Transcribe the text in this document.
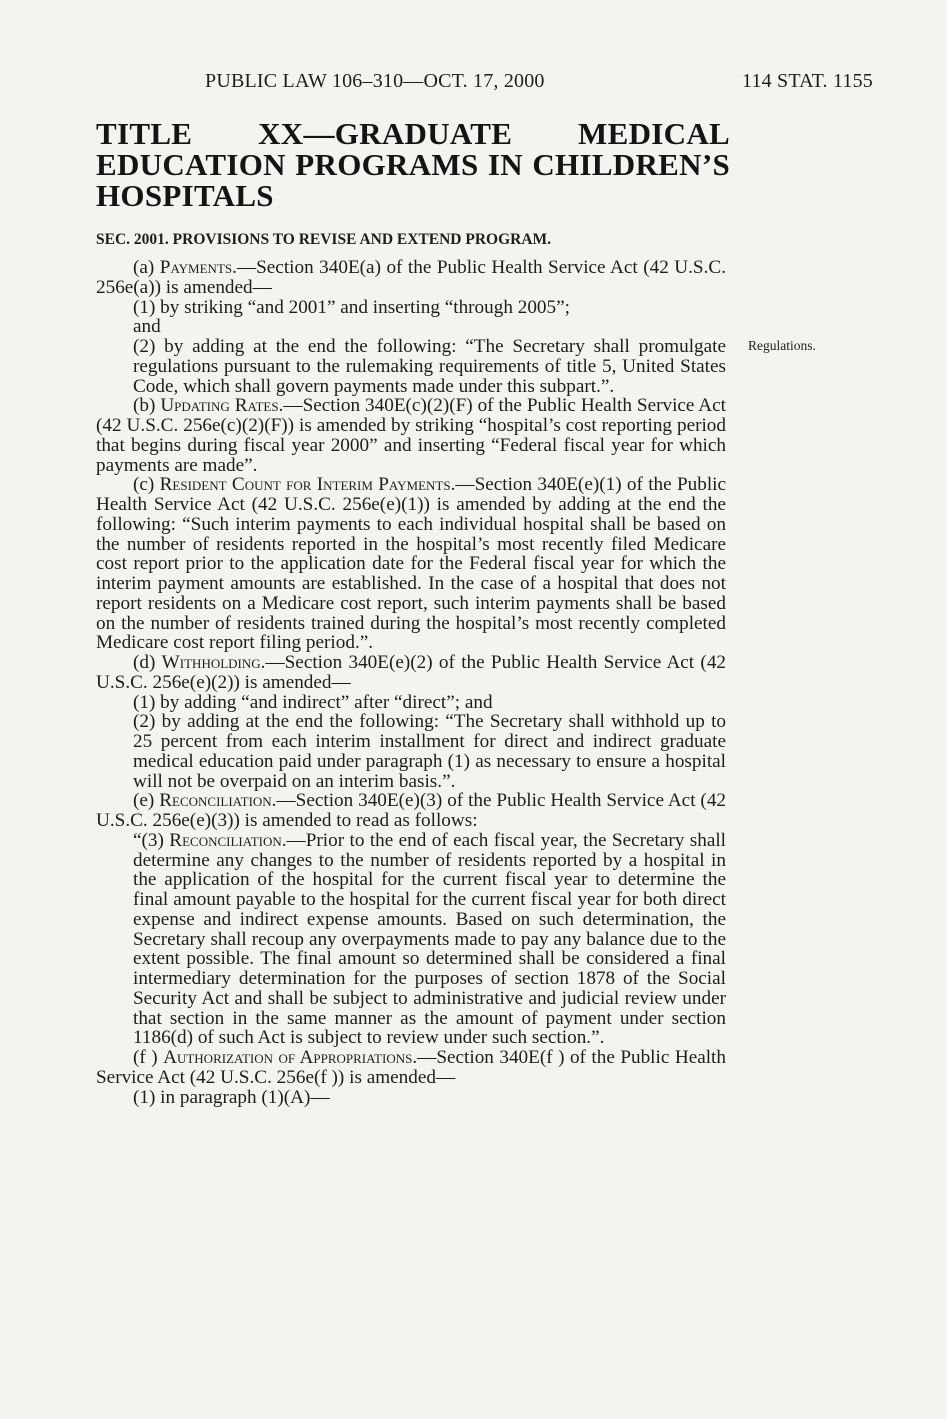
PUBLIC LAW 106–310—OCT. 17, 2000	114 STAT. 1155
TITLE XX—GRADUATE MEDICAL EDUCATION PROGRAMS IN CHILDREN’S HOSPITALS
SEC. 2001. PROVISIONS TO REVISE AND EXTEND PROGRAM.
Regulations.

(a) Payments.—Section 340E(a) of the Public Health Service Act (42 U.S.C. 256e(a)) is amended—

(1) by striking “and 2001” and inserting “through 2005”;

and

(2) by adding at the end the following: “The Secretary shall promulgate regulations pursuant to the rulemaking requirements of title 5, United States Code, which shall govern payments made under this subpart.”.

(b) Updating Rates.—Section 340E(c)(2)(F) of the Public Health Service Act (42 U.S.C. 256e(c)(2)(F)) is amended by striking “hospital’s cost reporting period that begins during fiscal year 2000” and inserting “Federal fiscal year for which payments are made”.

(c) Resident Count for Interim Payments.—Section 340E(e)(1) of the Public Health Service Act (42 U.S.C. 256e(e)(1)) is amended by adding at the end the following: “Such interim payments to each individual hospital shall be based on the number of residents reported in the hospital’s most recently filed Medicare cost report prior to the application date for the Federal fiscal year for which the interim payment amounts are established. In the case of a hospital that does not report residents on a Medicare cost report, such interim payments shall be based on the number of residents trained during the hospital’s most recently completed Medicare cost report filing period.”.

(d) Withholding.—Section 340E(e)(2) of the Public Health Service Act (42 U.S.C. 256e(e)(2)) is amended—

(1) by adding “and indirect” after “direct”; and

(2) by adding at the end the following: “The Secretary shall withhold up to 25 percent from each interim installment for direct and indirect graduate medical education paid under paragraph (1) as necessary to ensure a hospital will not be overpaid on an interim basis.”.

(e) Reconciliation.—Section 340E(e)(3) of the Public Health Service Act (42 U.S.C. 256e(e)(3)) is amended to read as follows:

“(3) Reconciliation.—Prior to the end of each fiscal year, the Secretary shall determine any changes to the number of residents reported by a hospital in the application of the hospital for the current fiscal year to determine the final amount payable to the hospital for the current fiscal year for both direct expense and indirect expense amounts. Based on such determination, the Secretary shall recoup any overpayments made to pay any balance due to the extent possible. The final amount so determined shall be considered a final intermediary determination for the purposes of section 1878 of the Social Security Act and shall be subject to administrative and judicial review under that section in the same manner as the amount of payment under section 1186(d) of such Act is subject to review under such section.”.

(f ) Authorization of Appropriations.—Section 340E(f ) of the Public Health Service Act (42 U.S.C. 256e(f )) is amended—

(1) in paragraph (1)(A)—
